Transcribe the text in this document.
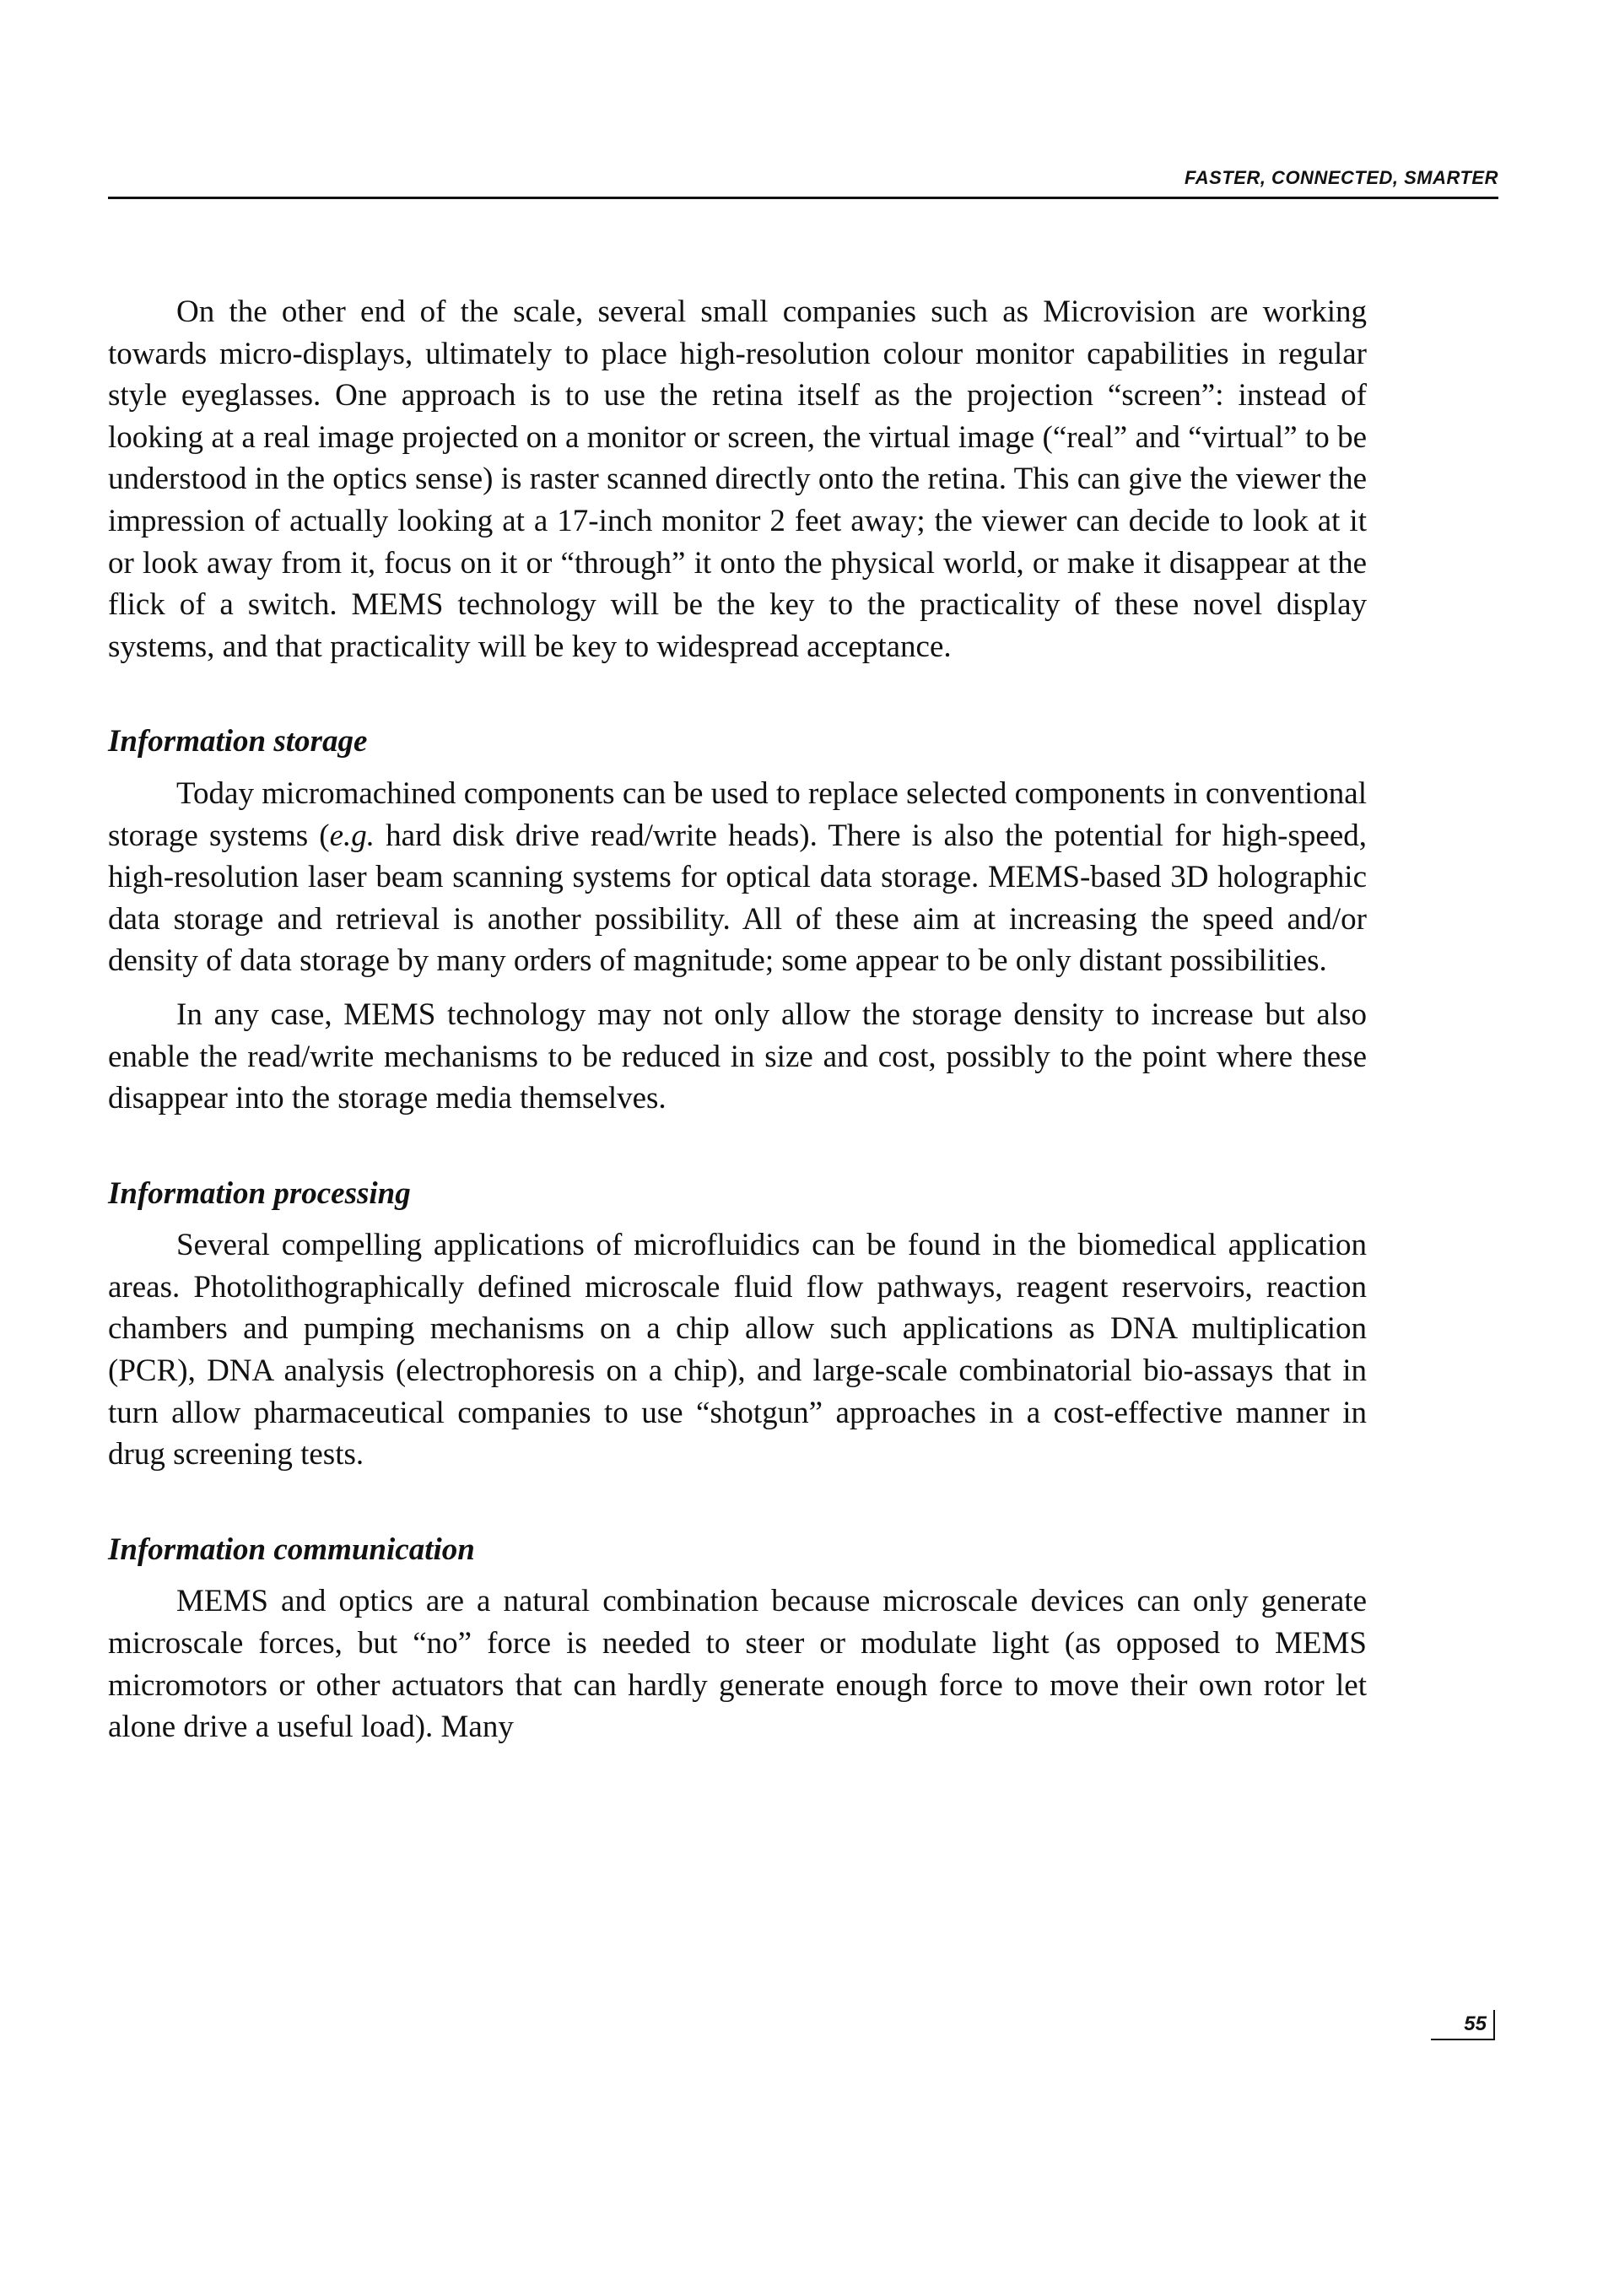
FASTER, CONNECTED, SMARTER

On the other end of the scale, several small companies such as Microvision are working towards micro-displays, ultimately to place high-resolution colour monitor capabilities in regular style eyeglasses. One approach is to use the retina itself as the projection “screen”: instead of looking at a real image projected on a monitor or screen, the virtual image (“real” and “virtual” to be understood in the optics sense) is raster scanned directly onto the retina. This can give the viewer the impression of actually looking at a 17-inch monitor 2 feet away; the viewer can decide to look at it or look away from it, focus on it or “through” it onto the physical world, or make it disappear at the flick of a switch. MEMS technology will be the key to the practicality of these novel display systems, and that practicality will be key to widespread acceptance.

Information storage

Today micromachined components can be used to replace selected components in conventional storage systems (e.g. hard disk drive read/write heads). There is also the potential for high-speed, high-resolution laser beam scanning systems for optical data storage. MEMS-based 3D holographic data storage and retrieval is another possibility. All of these aim at increasing the speed and/or density of data storage by many orders of magnitude; some appear to be only distant possibilities.

In any case, MEMS technology may not only allow the storage density to increase but also enable the read/write mechanisms to be reduced in size and cost, possibly to the point where these disappear into the storage media themselves.

Information processing

Several compelling applications of microfluidics can be found in the biomedical application areas. Photolithographically defined microscale fluid flow pathways, reagent reservoirs, reaction chambers and pumping mechanisms on a chip allow such applications as DNA multiplication (PCR), DNA analysis (electrophoresis on a chip), and large-scale combinatorial bio-assays that in turn allow pharmaceutical companies to use “shotgun” approaches in a cost-effective manner in drug screening tests.

Information communication

MEMS and optics are a natural combination because microscale devices can only generate microscale forces, but “no” force is needed to steer or modulate light (as opposed to MEMS micromotors or other actuators that can hardly generate enough force to move their own rotor let alone drive a useful load). Many

55
